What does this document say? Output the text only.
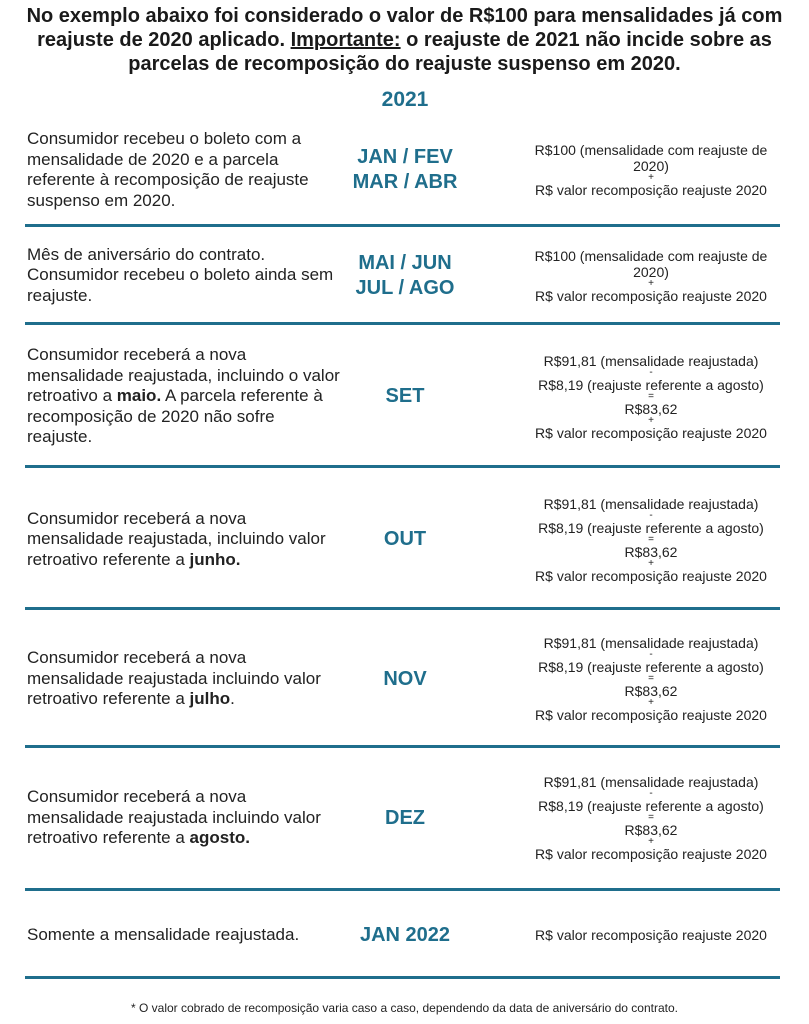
No exemplo abaixo foi considerado o valor de R$100 para mensalidades já com
reajuste de 2020 aplicado. Importante: o reajuste de 2021 não incide sobre as
parcelas de recomposição do reajuste suspenso em 2020.
2021
Consumidor recebeu o boleto com a mensalidade de 2020 e a parcela referente à recomposição de reajuste suspenso em 2020.
JAN / FEV
MAR / ABR
R$100 (mensalidade com reajuste de 2020)
+
R$ valor recomposição reajuste 2020
Mês de aniversário do contrato. Consumidor recebeu o boleto ainda sem reajuste.
MAI / JUN
JUL / AGO
R$100 (mensalidade com reajuste de 2020)
+
R$ valor recomposição reajuste 2020
Consumidor receberá a nova mensalidade reajustada, incluindo o valor retroativo a maio. A parcela referente à recomposição de 2020 não sofre reajuste.
SET
R$91,81 (mensalidade reajustada)
-
R$8,19 (reajuste referente a agosto)
=
R$83,62
+
R$ valor recomposição reajuste 2020
Consumidor receberá a nova mensalidade reajustada, incluindo valor retroativo referente a junho.
OUT
R$91,81 (mensalidade reajustada)
-
R$8,19 (reajuste referente a agosto)
=
R$83,62
+
R$ valor recomposição reajuste 2020
Consumidor receberá a nova mensalidade reajustada incluindo valor retroativo referente a julho.
NOV
R$91,81 (mensalidade reajustada)
-
R$8,19 (reajuste referente a agosto)
=
R$83,62
+
R$ valor recomposição reajuste 2020
Consumidor receberá a nova mensalidade reajustada incluindo valor retroativo referente a agosto.
DEZ
R$91,81 (mensalidade reajustada)
-
R$8,19 (reajuste referente a agosto)
=
R$83,62
+
R$ valor recomposição reajuste 2020
Somente a mensalidade reajustada.	JAN 2022	R$ valor recomposição reajuste 2020
* O valor cobrado de recomposição varia caso a caso, dependendo da data de aniversário do contrato.
